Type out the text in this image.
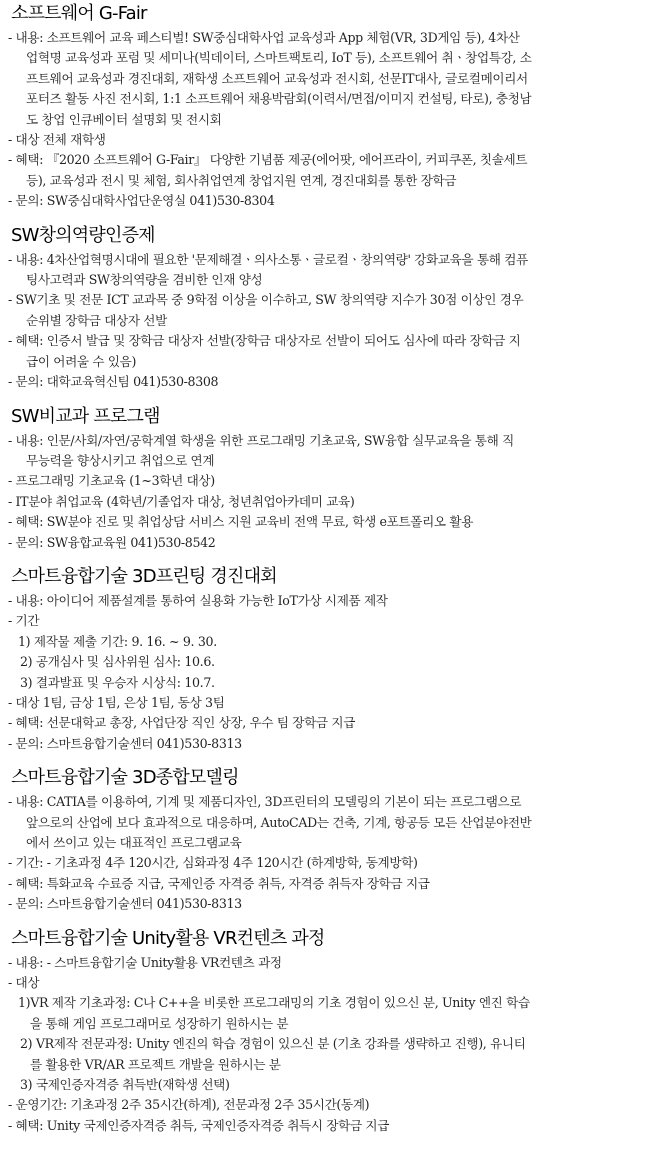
소프트웨어 G-Fair
- 내용: 소프트웨어 교육 페스티벌! SW중심대학사업 교육성과 App 체험(VR, 3D게임 등), 4차산
업혁명 교육성과 포럼 및 세미나(빅데이터, 스마트팩토리, IoT 등), 소프트웨어 취ㆍ창업특강, 소
프트웨어 교육성과 경진대회, 재학생 소프트웨어 교육성과 전시회, 선문IT대사, 글로컬메이리서
포터즈 활동 사진 전시회, 1:1 소프트웨어 채용박람회(이력서/면접/이미지 컨설팅, 타로), 충청남
도 창업 인큐베이터 설명회 및 전시회
- 대상 전체 재학생
- 혜택: 『2020 소프트웨어 G-Fair』 다양한 기념품 제공(에어팟, 에어프라이, 커피쿠폰, 칫솔세트
등), 교육성과 전시 및 체험, 회사취업연계 창업지원 연계, 경진대회를 통한 장학금
- 문의: SW중심대학사업단운영실 041)530-8304
SW창의역량인증제
- 내용: 4차산업혁명시대에 필요한 '문제해결ㆍ의사소통ㆍ글로컬ㆍ창의역량' 강화교육을 통해 컴퓨
팅사고력과 SW창의역량을 겸비한 인재 양성
- SW기초 및 전문 ICT 교과목 중 9학점 이상을 이수하고, SW 창의역량 지수가 30점 이상인 경우
순위별 장학금 대상자 선발
- 혜택: 인증서 발급 및 장학금 대상자 선발(장학금 대상자로 선발이 되어도 심사에 따라 장학금 지
급이 어려울 수 있음)
- 문의: 대학교육혁신팀 041)530-8308
SW비교과 프로그램
- 내용: 인문/사회/자연/공학계열 학생을 위한 프로그래밍 기초교육, SW융합 실무교육을 통해 직
무능력을 향상시키고 취업으로 연계
- 프로그래밍 기초교육 (1~3학년 대상)
- IT분야 취업교육 (4학년/기졸업자 대상, 청년취업아카데미 교육)
- 혜택: SW분야 진로 및 취업상담 서비스 지원 교육비 전액 무료, 학생 e포트폴리오 활용
- 문의: SW융합교육원 041)530-8542
스마트융합기술 3D프린팅 경진대회
- 내용: 아이디어 제품설계를 통하여 실용화 가능한 IoT가상 시제품 제작
- 기간
1) 제작물 제출 기간: 9. 16. ~ 9. 30.
2) 공개심사 및 심사위원 심사: 10.6.
3) 결과발표 및 우승자 시상식: 10.7.
- 대상 1팀, 금상 1팀, 은상 1팀, 동상 3팀
- 혜택: 선문대학교 총장, 사업단장 직인 상장, 우수 팀 장학금 지급
- 문의: 스마트융합기술센터 041)530-8313
스마트융합기술 3D종합모델링
- 내용: CATIA를 이용하여, 기계 및 제품디자인, 3D프린터의 모델링의 기본이 되는 프로그램으로
앞으로의 산업에 보다 효과적으로 대응하며, AutoCAD는 건축, 기계, 항공등 모든 산업분야전반
에서 쓰이고 있는 대표적인 프로그램교육
- 기간: - 기초과정 4주 120시간, 심화과정 4주 120시간 (하계방학, 동계방학)
- 혜택: 특화교육 수료증 지급, 국제인증 자격증 취득, 자격증 취득자 장학금 지급
- 문의: 스마트융합기술센터 041)530-8313
스마트융합기술 Unity활용 VR컨텐츠 과정
- 내용: - 스마트융합기술 Unity활용 VR컨텐츠 과정
- 대상
1)VR 제작 기초과정: C나 C++을 비롯한 프로그래밍의 기초 경험이 있으신 분, Unity 엔진 학습
을 통해 게임 프로그래머로 성장하기 원하시는 분
2) VR제작 전문과정: Unity 엔진의 학습 경험이 있으신 분 (기초 강좌를 생략하고 진행), 유니티
를 활용한 VR/AR 프로젝트 개발을 원하시는 분
3) 국제인증자격증 취득반(재학생 선택)
- 운영기간: 기초과정 2주 35시간(하계), 전문과정 2주 35시간(동계)
- 혜택: Unity 국제인증자격증 취득, 국제인증자격증 취득시 장학금 지급
